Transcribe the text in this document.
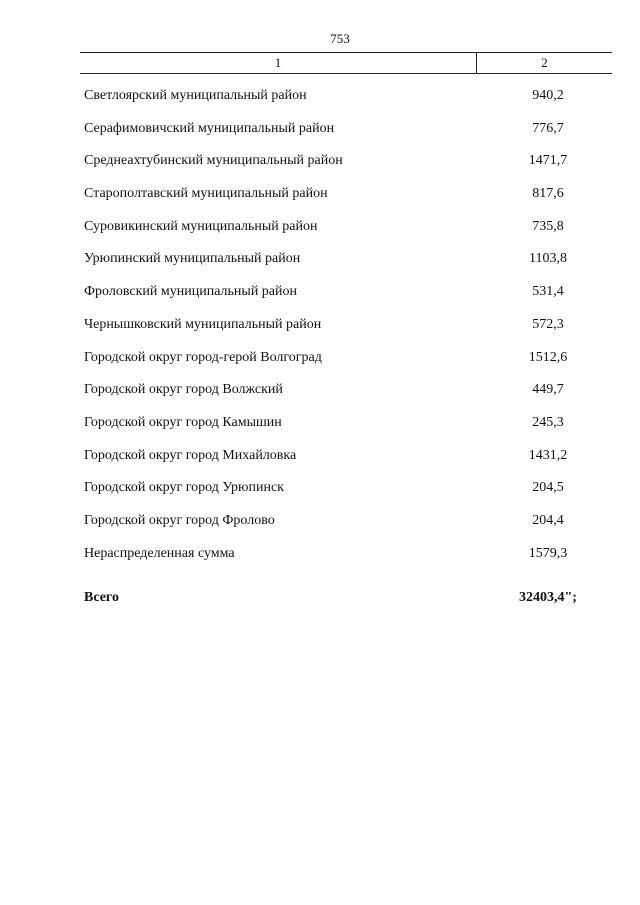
753
1	2
Светлоярский муниципальный район	940,2
Серафимовичский муниципальный район	776,7
Среднеахтубинский муниципальный район	1471,7
Старополтавский муниципальный район	817,6
Суровикинский муниципальный район	735,8
Урюпинский муниципальный район	1103,8
Фроловский муниципальный район	531,4
Чернышковский муниципальный район	572,3
Городской округ город-герой Волгоград	1512,6
Городской округ город Волжский	449,7
Городской округ город Камышин	245,3
Городской округ город Михайловка	1431,2
Городской округ город Урюпинск	204,5
Городской округ город Фролово	204,4
Нераспределенная сумма	1579,3
Всего	32403,4";
